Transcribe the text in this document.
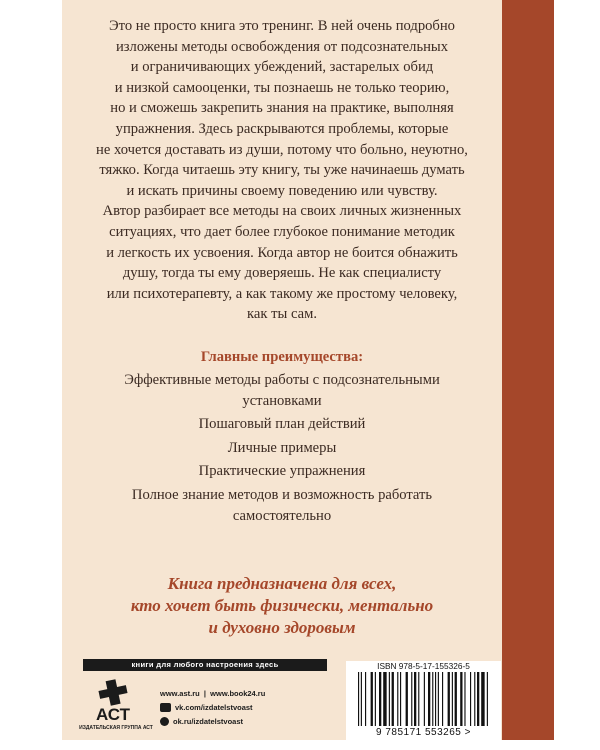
Это не просто книга это тренинг. В ней очень подробно

изложены методы освобождения от подсознательных

и ограничивающих убеждений, застарелых обид

и низкой самооценки, ты познаешь не только теорию,

но и сможешь закрепить знания на практике, выполняя

упражнения. Здесь раскрываются проблемы, которые

не хочется доставать из души, потому что больно, неуютно,

тяжко. Когда читаешь эту книгу, ты уже начинаешь думать

и искать причины своему поведению или чувству.

Автор разбирает все методы на своих личных жизненных

ситуациях, что дает более глубокое понимание методик

и легкость их усвоения. Когда автор не боится обнажить

душу, тогда ты ему доверяешь. Не как специалисту

или психотерапевту, а как такому же простому человеку,

как ты сам.

Главные преимущества:
Эффективные методы работы с подсознательными
установками
Пошаговый план действий
Личные примеры
Практические упражнения
Полное знание методов и возможность работать
самостоятельно
Книга предназначена для всех,
кто хочет быть физически, ментально
и духовно здоровым
книги для любого настроения здесь
АСТ
ИЗДАТЕЛЬСКАЯ ГРУППА АСТ
www.ast.ru  |  www.book24.ru
vk.com/izdatelstvoast
ok.ru/izdatelstvoast
ISBN 978-5-17-155326-5
9 785171 553265 >
